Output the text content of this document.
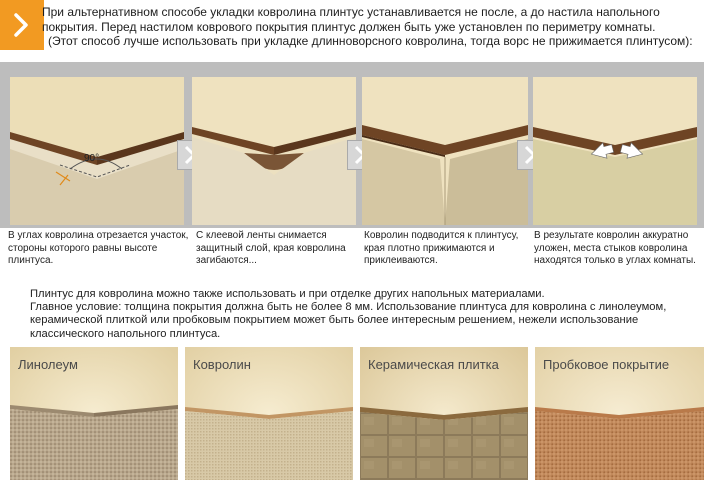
При альтернативном способе укладки ковролина плинтус устанавливается не после, а до настила напольного
покрытия. Перед настилом коврового покрытия плинтус должен быть уже установлен по периметру комнаты.
(Этот способ лучше использовать при укладке длинноворсного ковролина, тогда ворс не прижимается плинтусом):
90°
В углах ковролина отрезается участок,
стороны которого равны высоте
плинтуса.
С клеевой ленты снимается
защитный слой, края ковролина
загибаются...
Ковролин подводится к плинтусу,
края плотно прижимаются и
приклеиваются.
В результате ковролин аккуратно
уложен, места стыков ковролина
находятся только в углах комнаты.
Плинтус для ковролина можно также использовать и при отделке других напольных материалами.
Главное условие: толщина покрытия должна быть не более 8 мм. Использование плинтуса для ковролина с линолеумом,
керамической плиткой или пробковым покрытием может быть более интересным решением, нежели использование
классического напольного плинтуса.
Линолеум	Ковролин	Керамическая плитка	Пробковое покрытие
